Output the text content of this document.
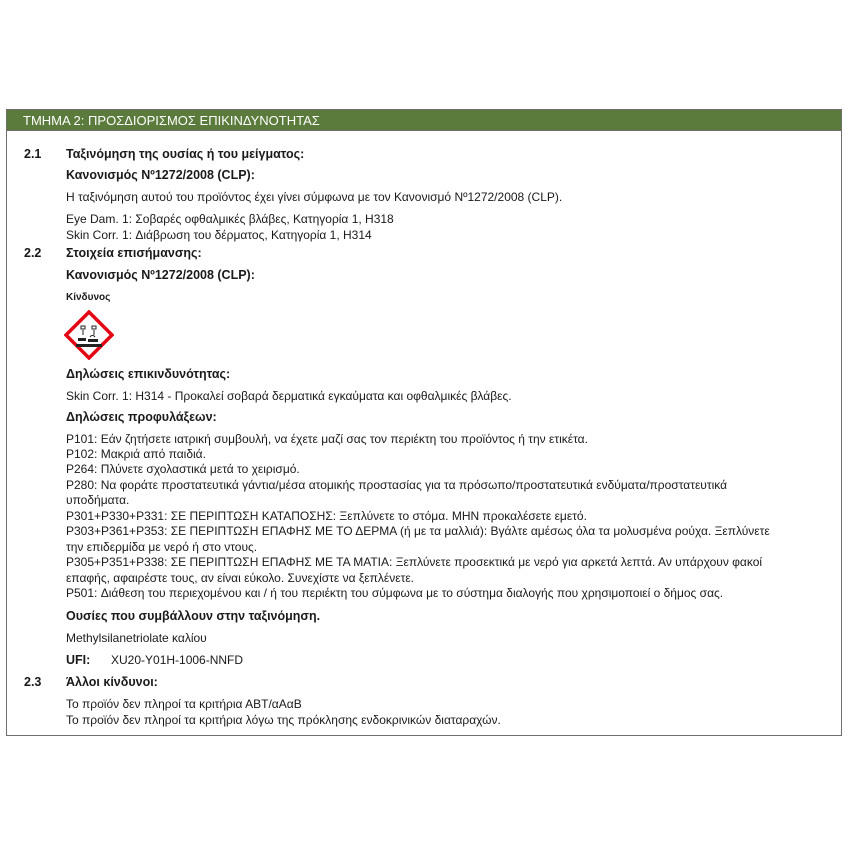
ΤΜΗΜΑ 2: ΠΡΟΣΔΙΟΡΙΣΜΟΣ ΕΠΙΚΙΝΔΥΝΟΤΗΤΑΣ
2.1 Ταξινόμηση της ουσίας ή του μείγματος:
Κανονισμός Νº1272/2008 (CLP):
Η ταξινόμηση αυτού του προϊόντος έχει γίνει σύμφωνα με τον Κανονισμό Νº1272/2008 (CLP).
Eye Dam. 1: Σοβαρές οφθαλμικές βλάβες, Κατηγορία 1, H318
Skin Corr. 1: Διάβρωση του δέρματος, Κατηγορία 1, H314
2.2 Στοιχεία επισήμανσης:
Κανονισμός Νº1272/2008 (CLP):
Κίνδυνος
Δηλώσεις επικινδυνότητας:
Skin Corr. 1: H314 - Προκαλεί σοβαρά δερματικά εγκαύματα και οφθαλμικές βλάβες.
Δηλώσεις προφυλάξεων:
P101: Εάν ζητήσετε ιατρική συμβουλή, να έχετε μαζί σας τον περιέκτη του προϊόντος ή την ετικέτα.
P102: Μακριά από παιδιά.
P264: Πλύνετε σχολαστικά μετά το χειρισμό.
P280: Να φοράτε προστατευτικά γάντια/μέσα ατομικής προστασίας για τα πρόσωπο/προστατευτικά ενδύματα/προστατευτικά
υποδήματα.
P301+P330+P331: ΣΕ ΠΕΡΙΠΤΩΣΗ ΚΑΤΑΠΟΣΗΣ: Ξεπλύνετε το στόμα. ΜΗΝ προκαλέσετε εμετό.
P303+P361+P353: ΣΕ ΠΕΡΙΠΤΩΣΗ ΕΠΑΦΗΣ ΜΕ ΤΟ ΔΕΡΜΑ (ή με τα μαλλιά): Βγάλτε αμέσως όλα τα μολυσμένα ρούχα. Ξεπλύνετε
την επιδερμίδα με νερό ή στο ντους.
P305+P351+P338: ΣΕ ΠΕΡΙΠΤΩΣΗ ΕΠΑΦΗΣ ΜΕ ΤΑ ΜΑΤΙΑ: Ξεπλύνετε προσεκτικά με νερό για αρκετά λεπτά. Αν υπάρχουν φακοί
επαφής, αφαιρέστε τους, αν είναι εύκολο. Συνεχίστε να ξεπλένετε.
P501: Διάθεση του περιεχομένου και / ή του περιέκτη του σύμφωνα με το σύστημα διαλογής που χρησιμοποιεί ο δήμος σας.
Ουσίες που συμβάλλουν στην ταξινόμηση.
Methylsilanetriolate καλίου
UFI: XU20-Y01H-1006-NNFD
2.3 Άλλοι κίνδυνοι:
Το προϊόν δεν πληροί τα κριτήρια ΑΒΤ/αΑαΒ
Το προϊόν δεν πληροί τα κριτήρια λόγω της πρόκλησης ενδοκρινικών διαταραχών.
